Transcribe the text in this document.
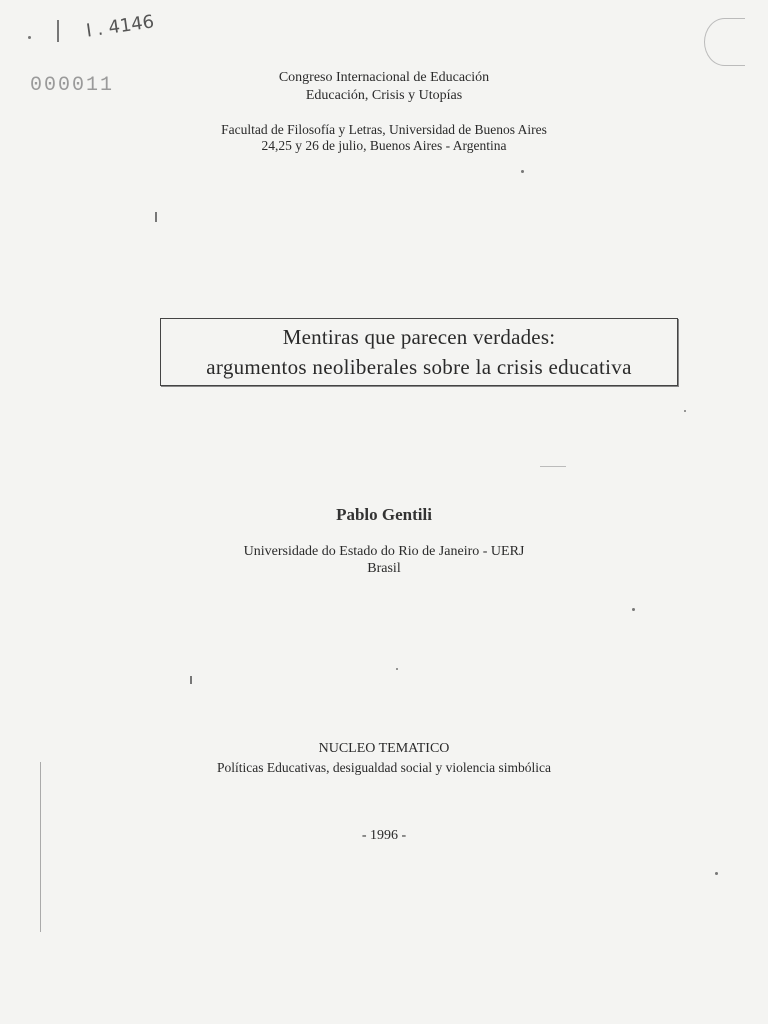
000011
I . 4146
Congreso Internacional de Educación
Educación, Crisis y Utopías
Facultad de Filosofía y Letras, Universidad de Buenos Aires
24,25 y 26 de julio, Buenos Aires - Argentina
Mentiras que parecen verdades:
argumentos neoliberales sobre la crisis educativa
Pablo Gentili
Universidade do Estado do Rio de Janeiro - UERJ
Brasil
NUCLEO TEMATICO
Políticas Educativas, desigualdad social y violencia simbólica
- 1996 -
